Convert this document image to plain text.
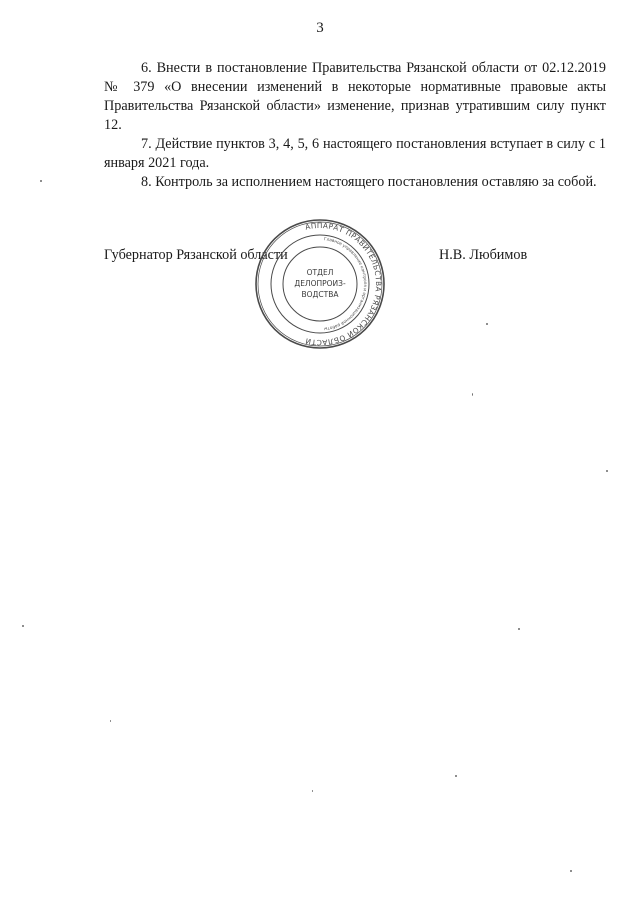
3

6. Внести в постановление Правительства Рязанской области от 02.12.2019 № 379 «О внесении изменений в некоторые нормативные правовые акты Правительства Рязанской области» изменение, признав утратившим силу пункт 12.

7. Действие пунктов 3, 4, 5, 6 настоящего постановления вступает в силу с 1 января 2021 года.

8. Контроль за исполнением настоящего постановления оставляю за собой.

Губернатор Рязанской области	Н.В. Любимов
АППАРАТ ПРАВИТЕЛЬСТВА РЯЗАНСКОЙ ОБЛАСТИ
Главное управление контроля и организационной работы
ОТДЕЛ
ДЕЛОПРОИЗ-
ВОДСТВА
